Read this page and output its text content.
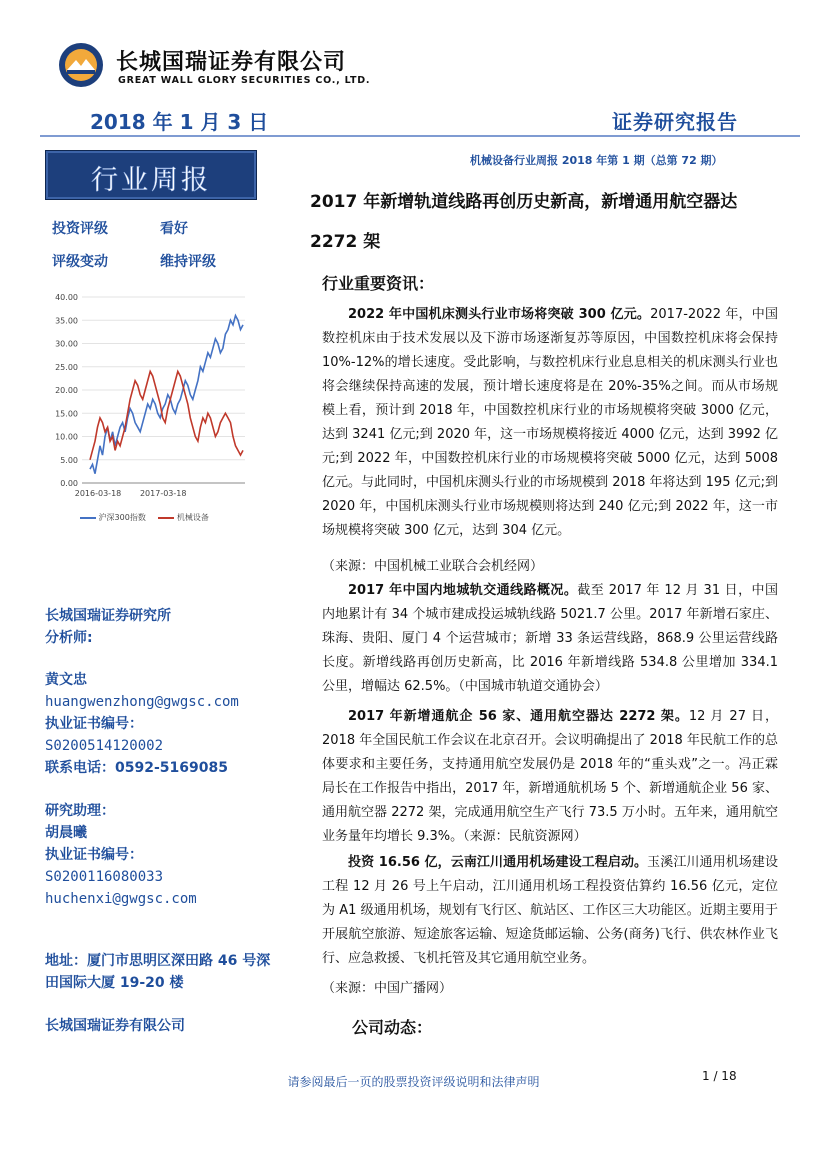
长城国瑞证券有限公司
GREAT WALL GLORY SECURITIES CO., LTD.
2018 年 1 月 3 日	证券研究报告
行业周报
机械设备行业周报 2018 年第 1 期（总第 72 期）
2017 年新增轨道线路再创历史新高，新增通用航空器达 2272 架
投资评级	看好
评级变动	维持评级
40.00
35.00
30.00
25.00
20.00
15.00
10.00
5.00
0.00
2016-03-18 2017-03-18
沪深300指数	机械设备
长城国瑞证券研究所
分析师:
黄文忠
huangwenzhong@gwgsc.com
执业证书编号：
S0200514120002
联系电话：0592-5169085
研究助理：
胡晨曦
执业证书编号：
S0200116080033
huchenxi@gwgsc.com
地址：厦门市思明区深田路 46 号深田国际大厦 19-20 楼
长城国瑞证券有限公司
行业重要资讯：
2022 年中国机床测头行业市场将突破 300 亿元。2017-2022 年，中国数控机床由于技术发展以及下游市场逐渐复苏等原因，中国数控机床将会保持 10%-12%的增长速度。受此影响，与数控机床行业息息相关的机床测头行业也将会继续保持高速的发展，预计增长速度将是在 20%-35%之间。而从市场规模上看，预计到 2018 年，中国数控机床行业的市场规模将突破 3000 亿元，达到 3241 亿元;到 2020 年，这一市场规模将接近 4000 亿元，达到 3992 亿元;到 2022 年，中国数控机床行业的市场规模将突破 5000 亿元，达到 5008 亿元。与此同时，中国机床测头行业的市场规模到 2018 年将达到 195 亿元;到 2020 年，中国机床测头行业市场规模则将达到 240 亿元;到 2022 年，这一市场规模将突破 300 亿元，达到 304 亿元。
（来源：中国机械工业联合会机经网）
2017 年中国内地城轨交通线路概况。截至 2017 年 12 月 31 日，中国内地累计有 34 个城市建成投运城轨线路 5021.7 公里。2017 年新增石家庄、珠海、贵阳、厦门 4 个运营城市；新增 33 条运营线路，868.9 公里运营线路长度。新增线路再创历史新高，比 2016 年新增线路 534.8 公里增加 334.1 公里，增幅达 62.5%。（中国城市轨道交通协会）
2017 年新增通航企 56 家、通用航空器达 2272 架。12 月 27 日，2018 年全国民航工作会议在北京召开。会议明确提出了 2018 年民航工作的总体要求和主要任务，支持通用航空发展仍是 2018 年的“重头戏”之一。冯正霖局长在工作报告中指出，2017 年，新增通航机场 5 个、新增通航企业 56 家、通用航空器 2272 架，完成通用航空生产飞行 73.5 万小时。五年来，通用航空业务量年均增长 9.3%。（来源：民航资源网）
投资 16.56 亿，云南江川通用机场建设工程启动。玉溪江川通用机场建设工程 12 月 26 号上午启动，江川通用机场工程投资估算约 16.56 亿元，定位为 A1 级通用机场，规划有飞行区、航站区、工作区三大功能区。近期主要用于开展航空旅游、短途旅客运输、短途货邮运输、公务(商务)飞行、供农林作业飞行、应急救援、飞机托管及其它通用航空业务。
（来源：中国广播网）
公司动态：
请参阅最后一页的股票投资评级说明和法律声明	1 / 18
